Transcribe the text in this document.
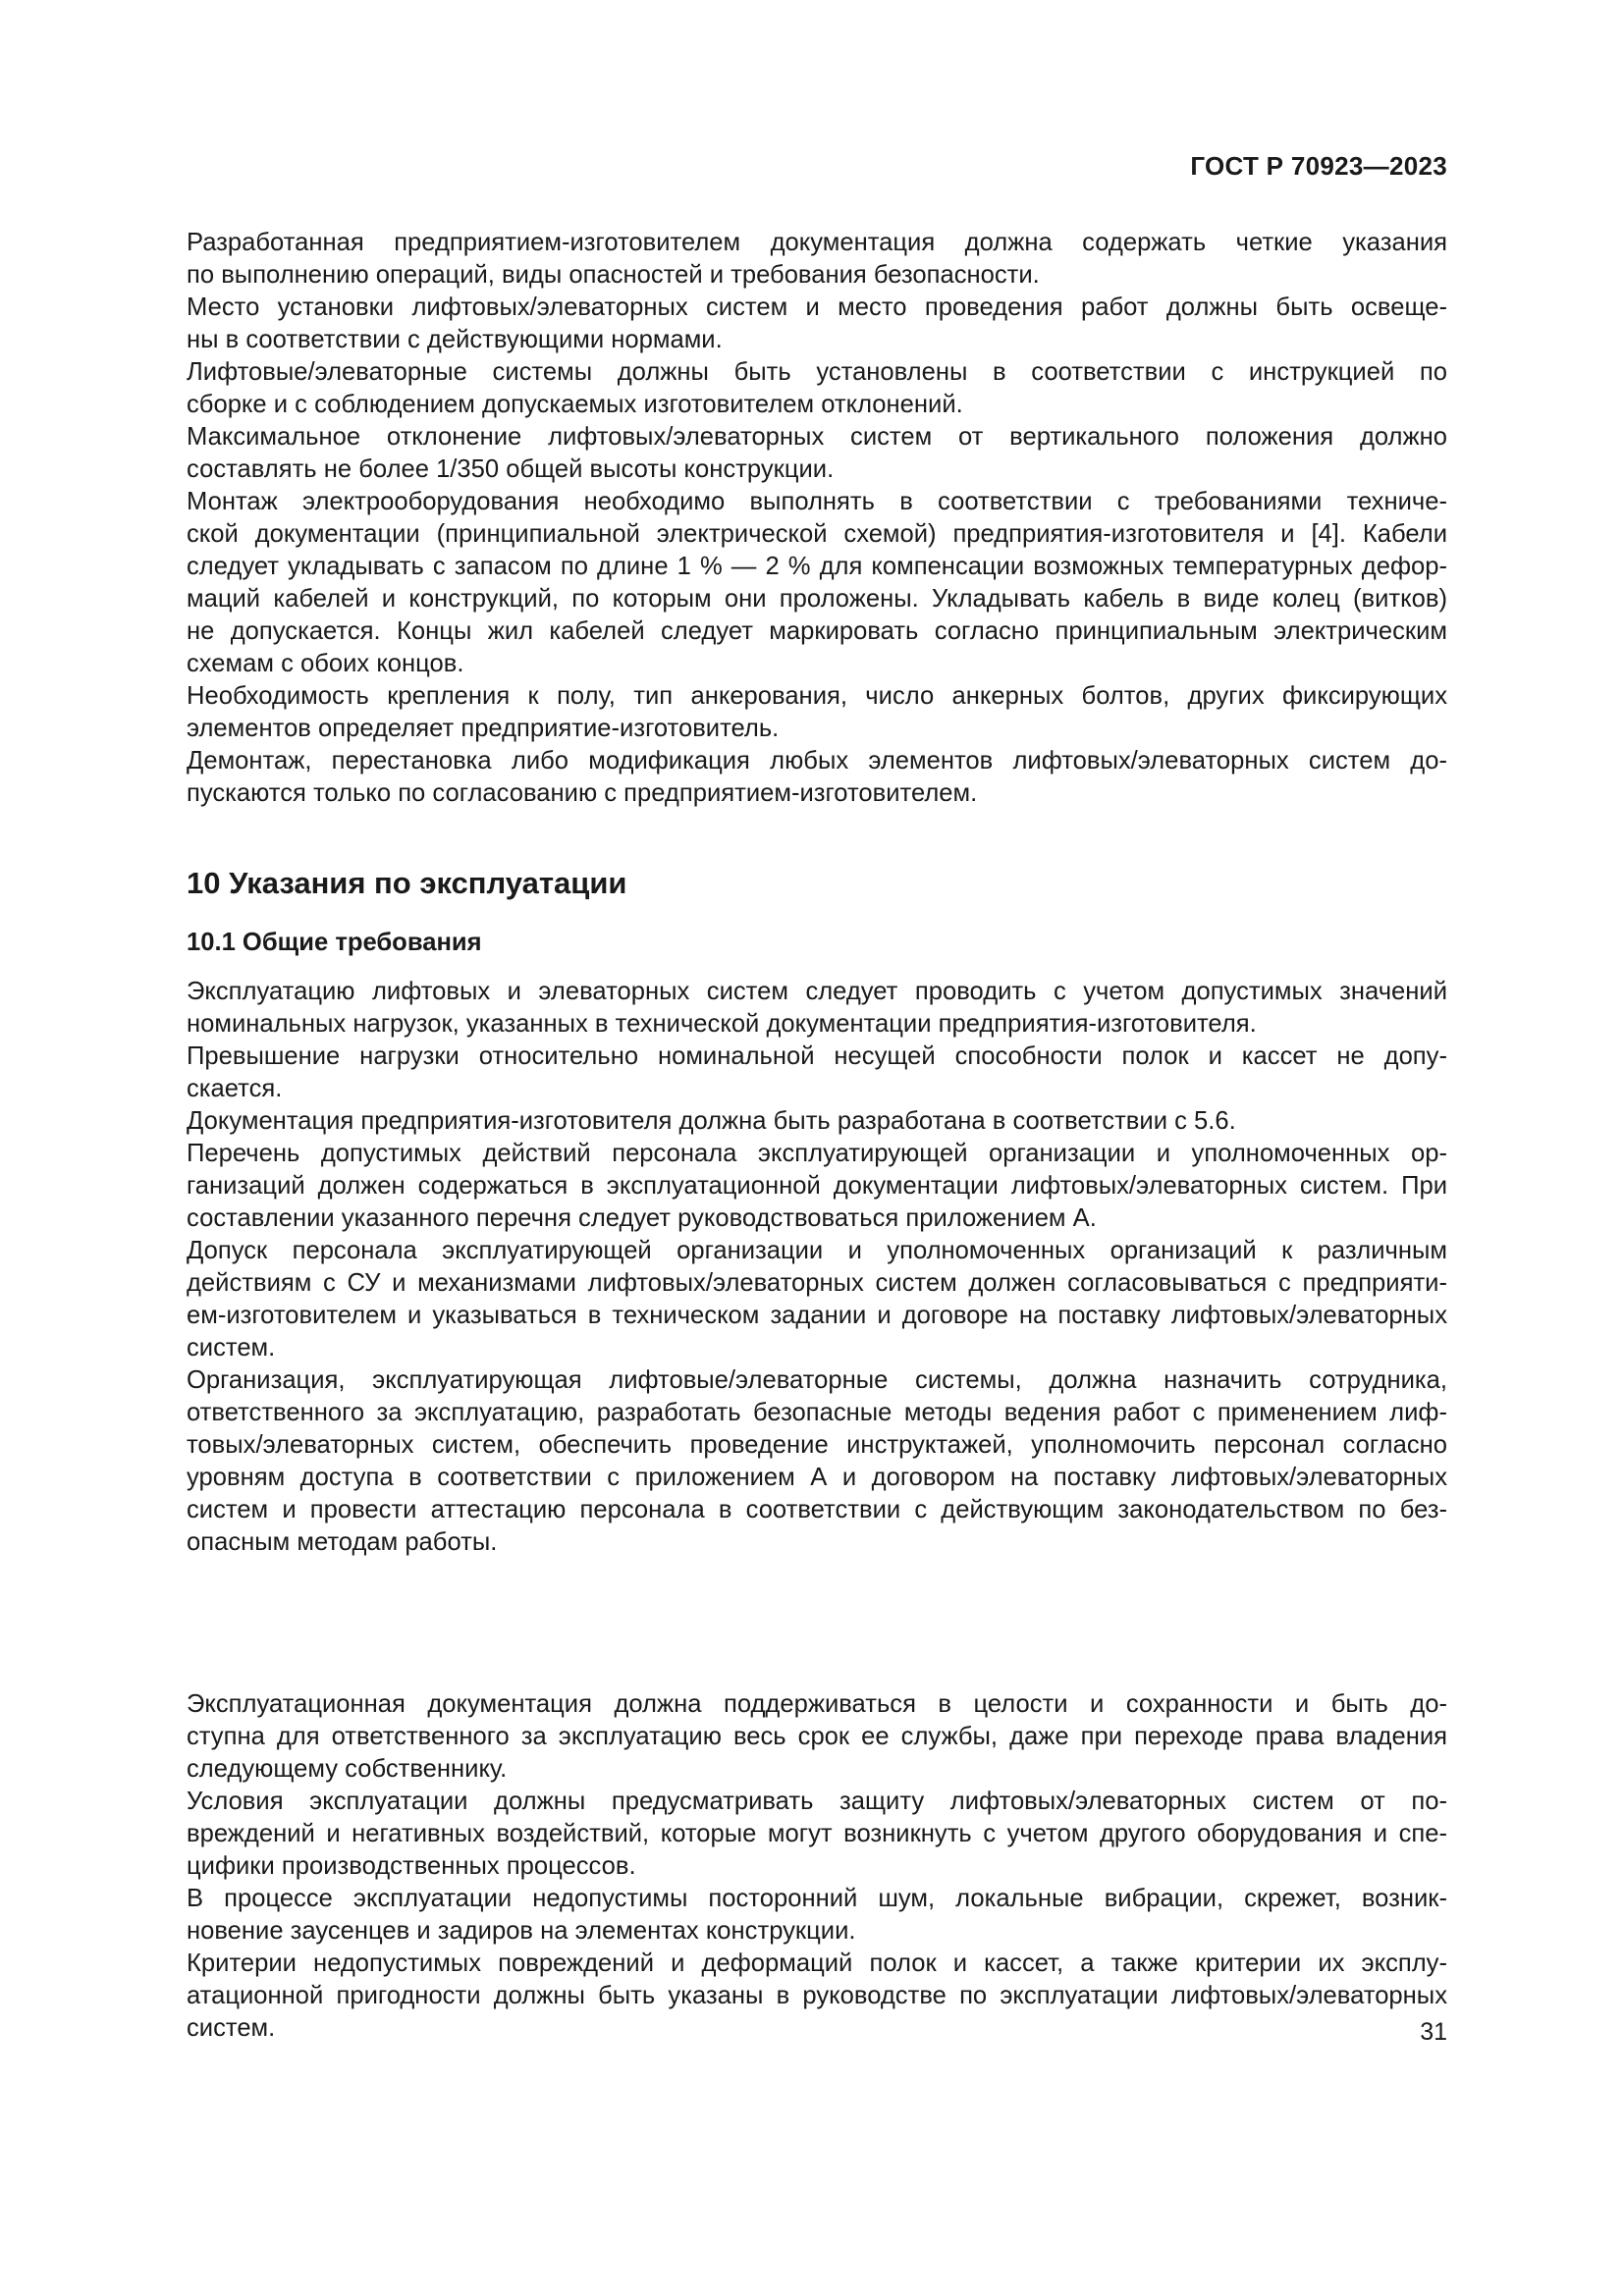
ГОСТ Р 70923—2023
Разработанная предприятием-изготовителем документация должна содержать четкие указания
по выполнению операций, виды опасностей и требования безопасности.
Место установки лифтовых/элеваторных систем и место проведения работ должны быть освеще-
ны в соответствии с действующими нормами.
Лифтовые/элеваторные системы должны быть установлены в соответствии с инструкцией по
сборке и с соблюдением допускаемых изготовителем отклонений.
Максимальное отклонение лифтовых/элеваторных систем от вертикального положения должно
составлять не более 1/350 общей высоты конструкции.
Монтаж электрооборудования необходимо выполнять в соответствии с требованиями техниче-
ской документации (принципиальной электрической схемой) предприятия-изготовителя и [4]. Кабели
следует укладывать с запасом по длине 1 % — 2 % для компенсации возможных температурных дефор-
маций кабелей и конструкций, по которым они проложены. Укладывать кабель в виде колец (витков)
не допускается. Концы жил кабелей следует маркировать согласно принципиальным электрическим
схемам с обоих концов.
Необходимость крепления к полу, тип анкерования, число анкерных болтов, других фиксирующих
элементов определяет предприятие-изготовитель.
Демонтаж, перестановка либо модификация любых элементов лифтовых/элеваторных систем до-
пускаются только по согласованию с предприятием-изготовителем.
10 Указания по эксплуатации
10.1 Общие требования
Эксплуатацию лифтовых и элеваторных систем следует проводить с учетом допустимых значений
номинальных нагрузок, указанных в технической документации предприятия-изготовителя.
Превышение нагрузки относительно номинальной несущей способности полок и кассет не допу-
скается.
Документация предприятия-изготовителя должна быть разработана в соответствии с 5.6.
Перечень допустимых действий персонала эксплуатирующей организации и уполномоченных ор-
ганизаций должен содержаться в эксплуатационной документации лифтовых/элеваторных систем. При
составлении указанного перечня следует руководствоваться приложением А.
Допуск персонала эксплуатирующей организации и уполномоченных организаций к различным
действиям с СУ и механизмами лифтовых/элеваторных систем должен согласовываться с предприяти-
ем-изготовителем и указываться в техническом задании и договоре на поставку лифтовых/элеваторных
систем.
Организация, эксплуатирующая лифтовые/элеваторные системы, должна назначить сотрудника,
ответственного за эксплуатацию, разработать безопасные методы ведения работ с применением лиф-
товых/элеваторных систем, обеспечить проведение инструктажей, уполномочить персонал согласно
уровням доступа в соответствии с приложением А и договором на поставку лифтовых/элеваторных
систем и провести аттестацию персонала в соответствии с действующим законодательством по без-
опасным методам работы.
Эксплуатационная документация должна поддерживаться в целости и сохранности и быть до-
ступна для ответственного за эксплуатацию весь срок ее службы, даже при переходе права владения
следующему собственнику.
Условия эксплуатации должны предусматривать защиту лифтовых/элеваторных систем от по-
вреждений и негативных воздействий, которые могут возникнуть с учетом другого оборудования и спе-
цифики производственных процессов.
В процессе эксплуатации недопустимы посторонний шум, локальные вибрации, скрежет, возник-
новение заусенцев и задиров на элементах конструкции.
Критерии недопустимых повреждений и деформаций полок и кассет, а также критерии их эксплу-
атационной пригодности должны быть указаны в руководстве по эксплуатации лифтовых/элеваторных
систем.	31
